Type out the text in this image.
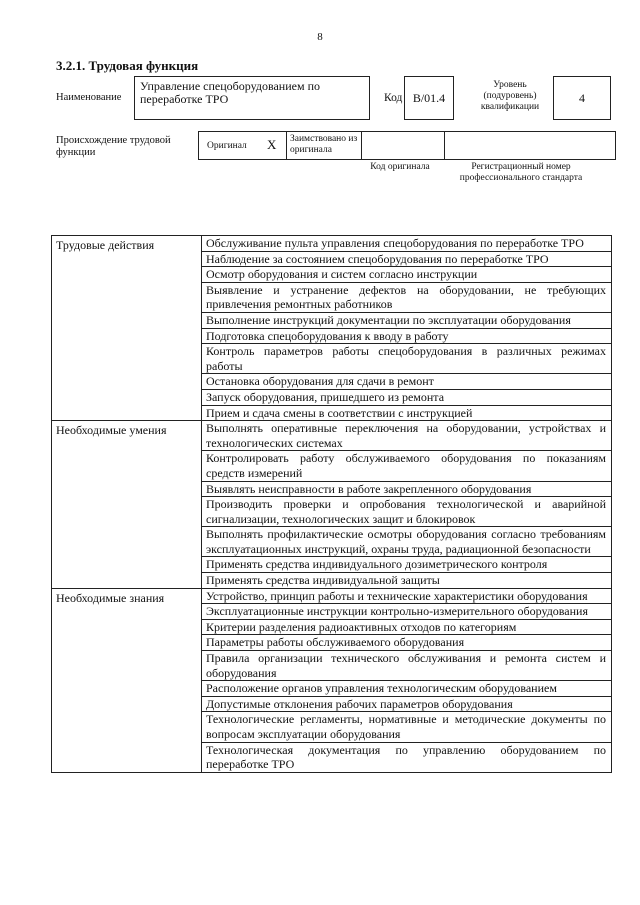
8
3.2.1. Трудовая функция
Наименование
Управление спецоборудованием по переработке ТРО	Код B/01.4
Уровень (подуровень) квалификации
4
Происхождение трудовой функции
Оригинал X Заимствовано из оригинала
Код оригинала	Регистрационный номер профессионального стандарта
Трудовые действия	Обслуживание пульта управления спецоборудования по переработке ТРО
	Наблюдение за состоянием спецоборудования по переработке ТРО
	Осмотр оборудования и систем согласно инструкции
	Выявление и устранение дефектов на оборудовании, не требующих привлечения ремонтных работников
	Выполнение инструкций документации по эксплуатации оборудования
	Подготовка спецоборудования к вводу в работу
	Контроль параметров работы спецоборудования в различных режимах работы
	Остановка оборудования для сдачи в ремонт
	Запуск оборудования, пришедшего из ремонта
	Прием и сдача смены в соответствии с инструкцией
Необходимые умения	Выполнять оперативные переключения на оборудовании, устройствах и технологических системах
	Контролировать работу обслуживаемого оборудования по показаниям средств измерений
	Выявлять неисправности в работе закрепленного оборудования
	Производить проверки и опробования технологической и аварийной сигнализации, технологических защит и блокировок
	Выполнять профилактические осмотры оборудования согласно требованиям эксплуатационных инструкций, охраны труда, радиационной безопасности
	Применять средства индивидуального дозиметрического контроля
	Применять средства индивидуальной защиты
Необходимые знания	Устройство, принцип работы и технические характеристики оборудования
	Эксплуатационные инструкции контрольно-измерительного оборудования
	Критерии разделения радиоактивных отходов по категориям
	Параметры работы обслуживаемого оборудования
	Правила организации технического обслуживания и ремонта систем и оборудования
	Расположение органов управления технологическим оборудованием
	Допустимые отклонения рабочих параметров оборудования
	Технологические регламенты, нормативные и методические документы по вопросам эксплуатации оборудования
	Технологическая документация по управлению оборудованием по переработке ТРО
